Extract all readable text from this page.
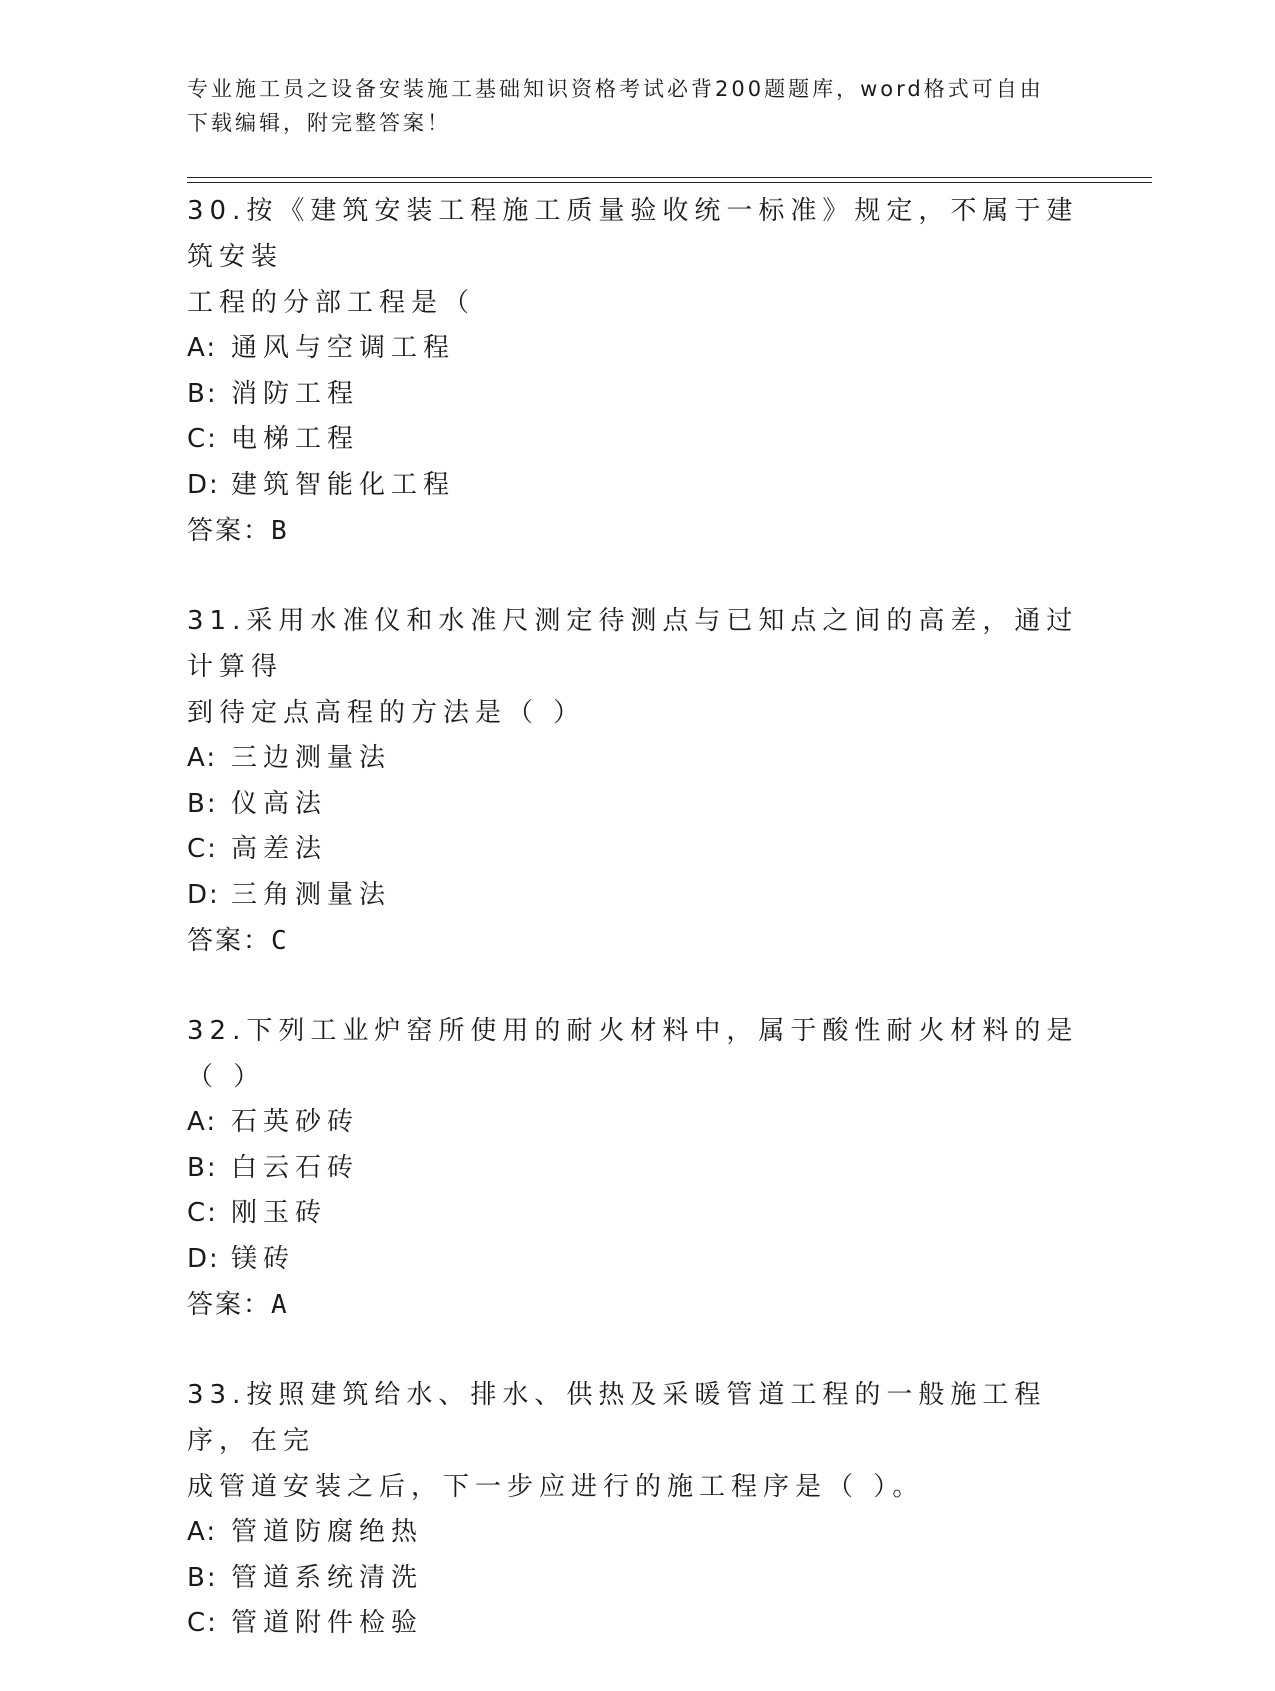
专业施工员之设备安装施工基础知识资格考试必背200题题库，word格式可自由
下载编辑，附完整答案！
30.按《建筑安装工程施工质量验收统一标准》规定，不属于建筑安装
工程的分部工程是（
A: 通风与空调工程
B: 消防工程
C: 电梯工程
D: 建筑智能化工程
答案：B
31.采用水准仪和水准尺测定待测点与已知点之间的高差，通过计算得
到待定点高程的方法是（ ）
A: 三边测量法
B: 仪高法
C: 高差法
D: 三角测量法
答案：C
32.下列工业炉窑所使用的耐火材料中，属于酸性耐火材料的是（ ）
A: 石英砂砖
B: 白云石砖
C: 刚玉砖
D: 镁砖
答案：A
33.按照建筑给水、排水、供热及采暖管道工程的一般施工程序，在完
成管道安装之后，下一步应进行的施工程序是（ ）。
A: 管道防腐绝热
B: 管道系统清洗
C: 管道附件检验
